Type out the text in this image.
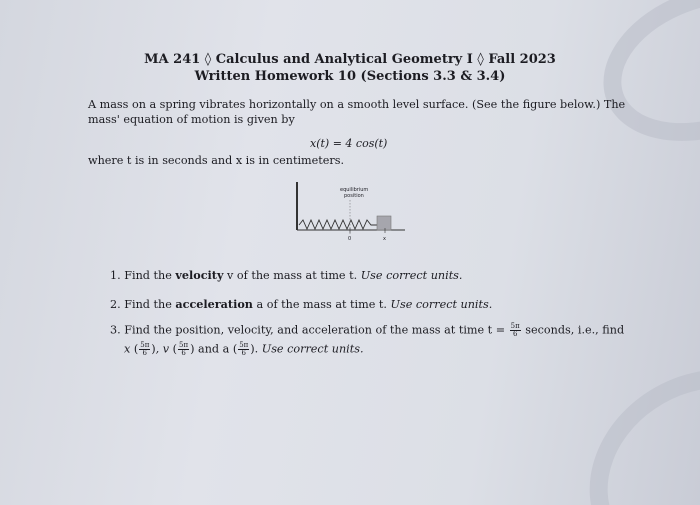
MA 241 ◊ Calculus and Analytical Geometry I ◊ Fall 2023
Written Homework 10 (Sections 3.3 & 3.4)
A mass on a spring vibrates horizontally on a smooth level surface. (See the figure below.) The
mass' equation of motion is given by
x(t) = 4 cos(t)
where t is in seconds and x is in centimeters.
equilibrium
position
0	x
1. Find the velocity v of the mass at time t. Use correct units.
2. Find the acceleration a of the mass at time t. Use correct units.
3. Find the position, velocity, and acceleration of the mass at time $t = \frac{5\pi}{6}$ seconds, i.e., find
x ( $\frac{5\pi}{6}$ ), v ( $\frac{5\pi}{6}$ ) and a ( $\frac{5\pi}{6}$ ). Use correct units.
